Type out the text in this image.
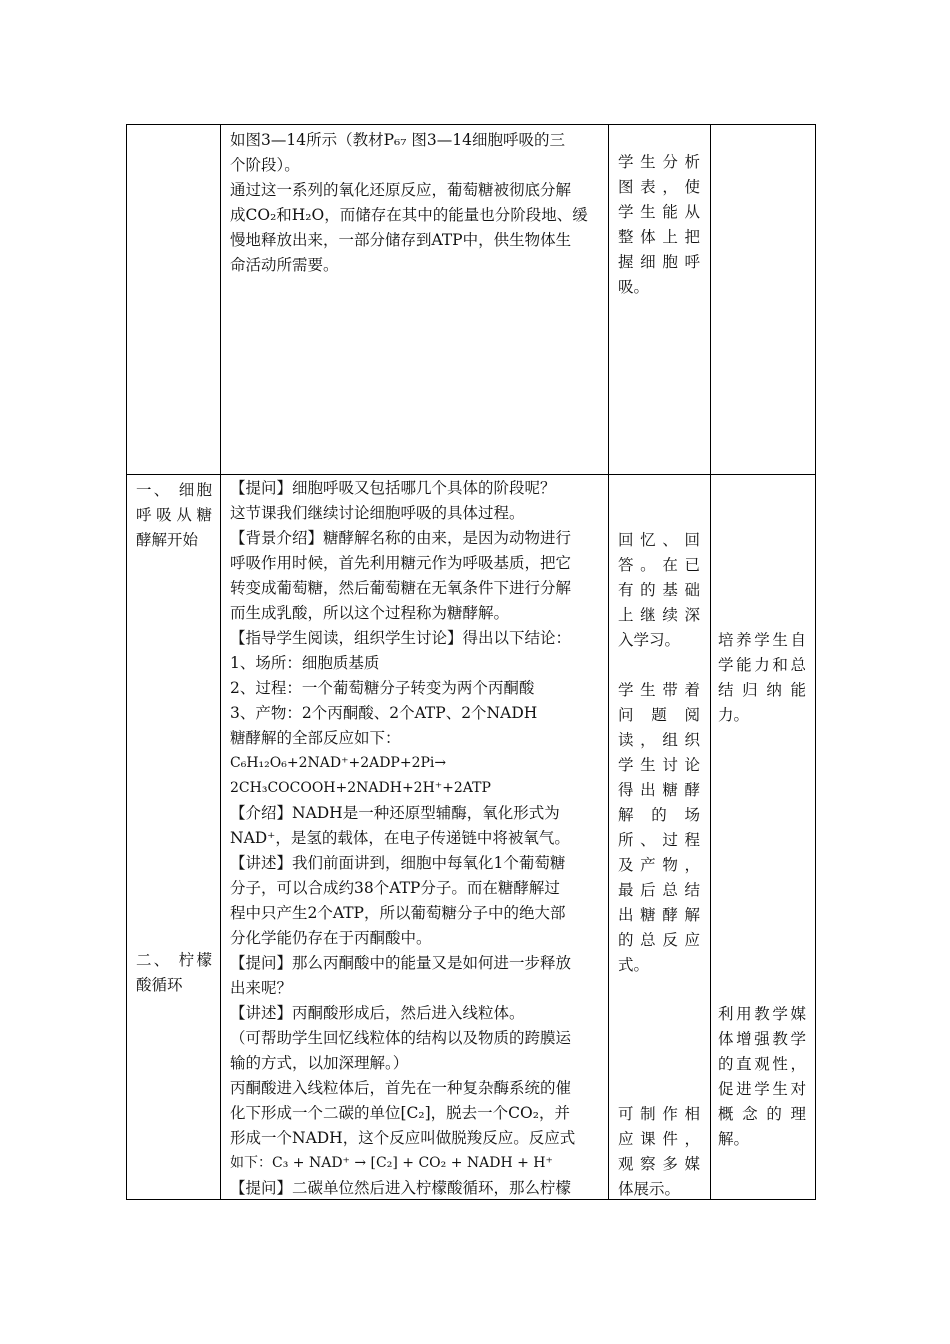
如图3—14所示（教材P₆₇ 图3—14细胞呼吸的三

个阶段）。

通过这一系列的氧化还原反应，葡萄糖被彻底分解

成CO₂和H₂O，而储存在其中的能量也分阶段地、缓

慢地释放出来，一部分储存到ATP中，供生物体生

命活动所需要。

学生分析

图表，使

学生能从

整体上把

握细胞呼

吸。

一、 细胞

呼吸从糖

酵解开始

二、 柠檬

酸循环

【提问】细胞呼吸又包括哪几个具体的阶段呢？

这节课我们继续讨论细胞呼吸的具体过程。

【背景介绍】糖酵解名称的由来，是因为动物进行

呼吸作用时候，首先利用糖元作为呼吸基质，把它

转变成葡萄糖，然后葡萄糖在无氧条件下进行分解

而生成乳酸，所以这个过程称为糖酵解。

【指导学生阅读，组织学生讨论】得出以下结论：

1、场所：细胞质基质

2、过程：一个葡萄糖分子转变为两个丙酮酸

3、产物：2个丙酮酸、2个ATP、2个NADH

糖酵解的全部反应如下：

C₆H₁₂O₆+2NAD⁺+2ADP+2Pi→

2CH₃COCOOH+2NADH+2H⁺+2ATP

【介绍】NADH是一种还原型辅酶，氧化形式为

NAD⁺，是氢的载体，在电子传递链中将被氧气。

【讲述】我们前面讲到，细胞中每氧化1个葡萄糖

分子，可以合成约38个ATP分子。而在糖酵解过

程中只产生2个ATP，所以葡萄糖分子中的绝大部

分化学能仍存在于丙酮酸中。

【提问】那么丙酮酸中的能量又是如何进一步释放

出来呢？

【讲述】丙酮酸形成后，然后进入线粒体。

（可帮助学生回忆线粒体的结构以及物质的跨膜运

输的方式，以加深理解。）

丙酮酸进入线粒体后，首先在一种复杂酶系统的催

化下形成一个二碳的单位[C₂]，脱去一个CO₂，并

形成一个NADH，这个反应叫做脱羧反应。反应式

如下：C₃ + NAD⁺ → [C₂] + CO₂ + NADH + H⁺

【提问】二碳单位然后进入柠檬酸循环，那么柠檬

回忆、回

答。在已

有的基础

上继续深

入学习。

学生带着

问题阅

读，组织

学生讨论

得出糖酵

解的场

所、过程

及产物，

最后总结

出糖酵解

的总反应

式。

可制作相

应课件，

观察多媒

体展示。

培养学生自

学能力和总

结归纳能

力。

利用教学媒

体增强教学

的直观性，

促进学生对

概念的理

解。
